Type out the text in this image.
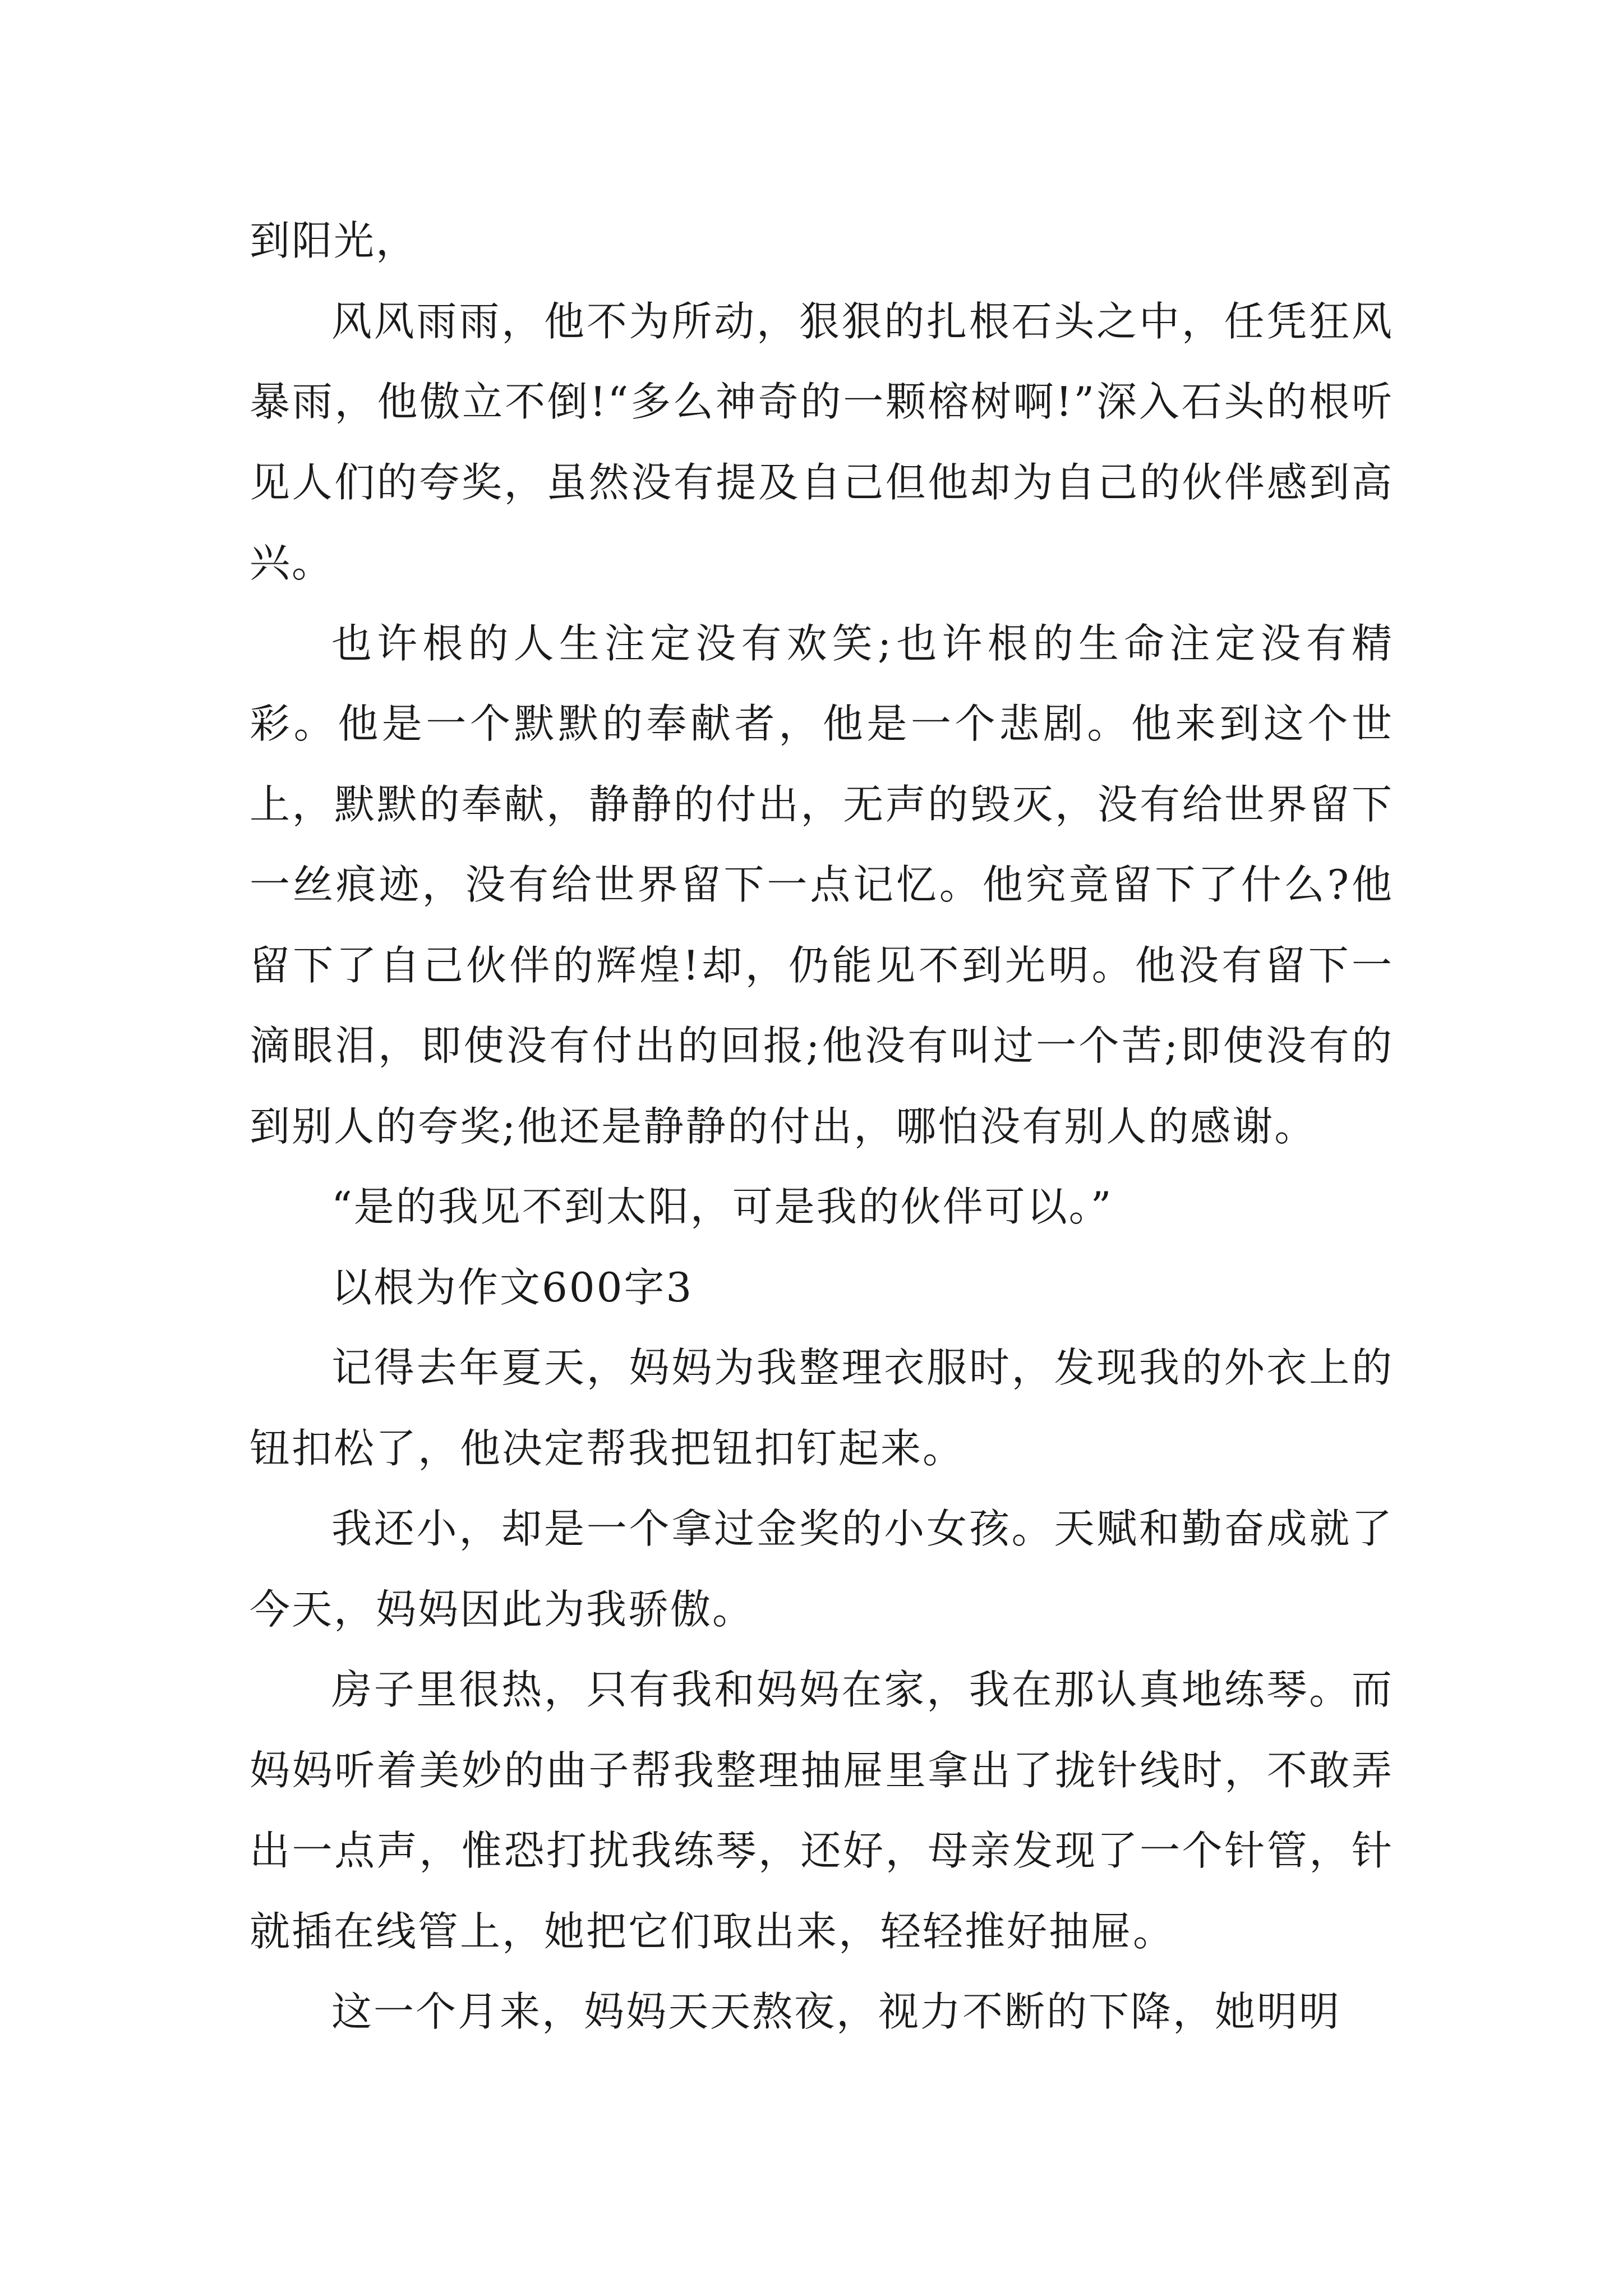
到阳光，

风风雨雨，他不为所动，狠狠的扎根石头之中，任凭狂风暴雨，他傲立不倒!“多么神奇的一颗榕树啊!”深入石头的根听见人们的夸奖，虽然没有提及自己但他却为自己的伙伴感到高兴。

也许根的人生注定没有欢笑;也许根的生命注定没有精彩。他是一个默默的奉献者，他是一个悲剧。他来到这个世上，默默的奉献，静静的付出，无声的毁灭，没有给世界留下一丝痕迹，没有给世界留下一点记忆。他究竟留下了什么?他留下了自己伙伴的辉煌!却，仍能见不到光明。他没有留下一滴眼泪，即使没有付出的回报;他没有叫过一个苦;即使没有的到别人的夸奖;他还是静静的付出，哪怕没有别人的感谢。

“是的我见不到太阳，可是我的伙伴可以。”

以根为作文600字3

记得去年夏天，妈妈为我整理衣服时，发现我的外衣上的钮扣松了，他决定帮我把钮扣钉起来。

我还小，却是一个拿过金奖的小女孩。天赋和勤奋成就了今天，妈妈因此为我骄傲。

房子里很热，只有我和妈妈在家，我在那认真地练琴。而妈妈听着美妙的曲子帮我整理抽屉里拿出了拢针线时，不敢弄出一点声，惟恐打扰我练琴，还好，母亲发现了一个针管，针就插在线管上，她把它们取出来，轻轻推好抽屉。

这一个月来，妈妈天天熬夜，视力不断的下降，她明明
